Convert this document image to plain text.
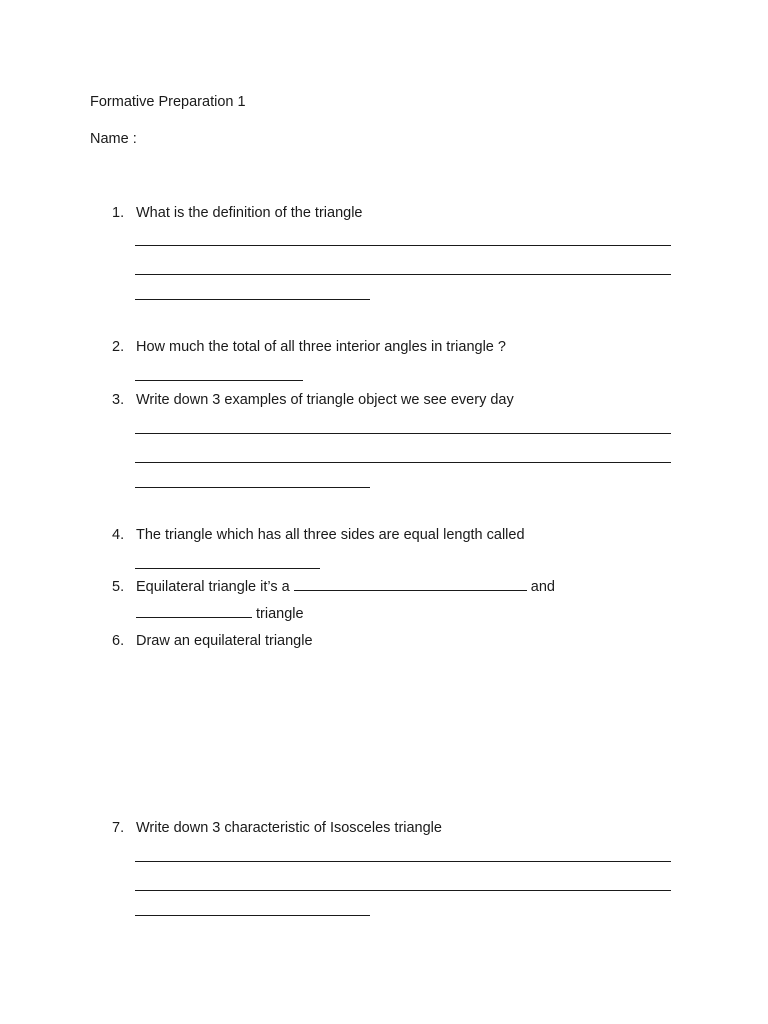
Formative Preparation 1
Name :
1. What is the definition of the triangle
2. How much the total of all three interior angles in triangle ?
3. Write down 3 examples of triangle object we see every day
4. The triangle which has all three sides are equal length called
5. Equilateral triangle it’s a	and
triangle
6. Draw an equilateral triangle
7. Write down 3 characteristic of Isosceles triangle
